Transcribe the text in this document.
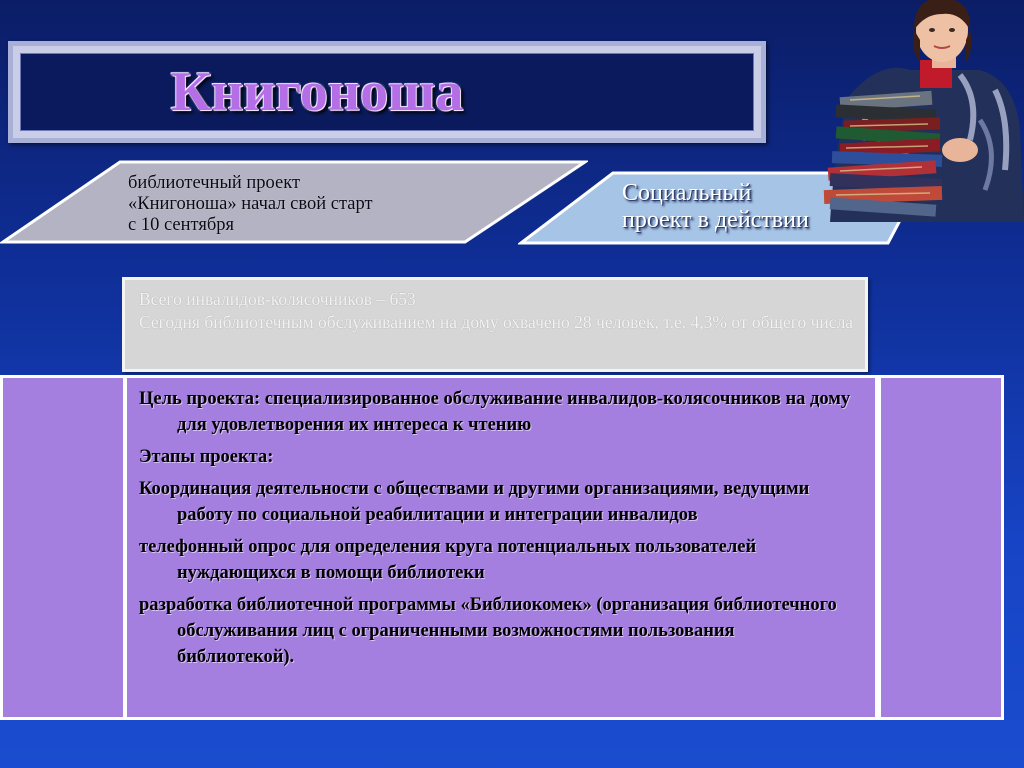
Книгоноша
библиотечный проект
«Книгоноша» начал свой старт
с 10 сентября
Социальный
проект в действии
Всего инвалидов-колясочников – 653
Сегодня библиотечным обслуживанием на дому охвачено 28 человек, т.е. 4,3% от общего числа
Цель проекта: специализированное обслуживание инвалидов-колясочников на дому для удовлетворения их интереса к чтению
Этапы проекта:
Координация деятельности с обществами и другими организациями, ведущими работу по социальной реабилитации и интеграции инвалидов
телефонный опрос для определения круга потенциальных пользователей нуждающихся в помощи библиотеки
разработка библиотечной программы «Библиокомек» (организация библиотечного обслуживания лиц с ограниченными возможностями пользования библиотекой).
